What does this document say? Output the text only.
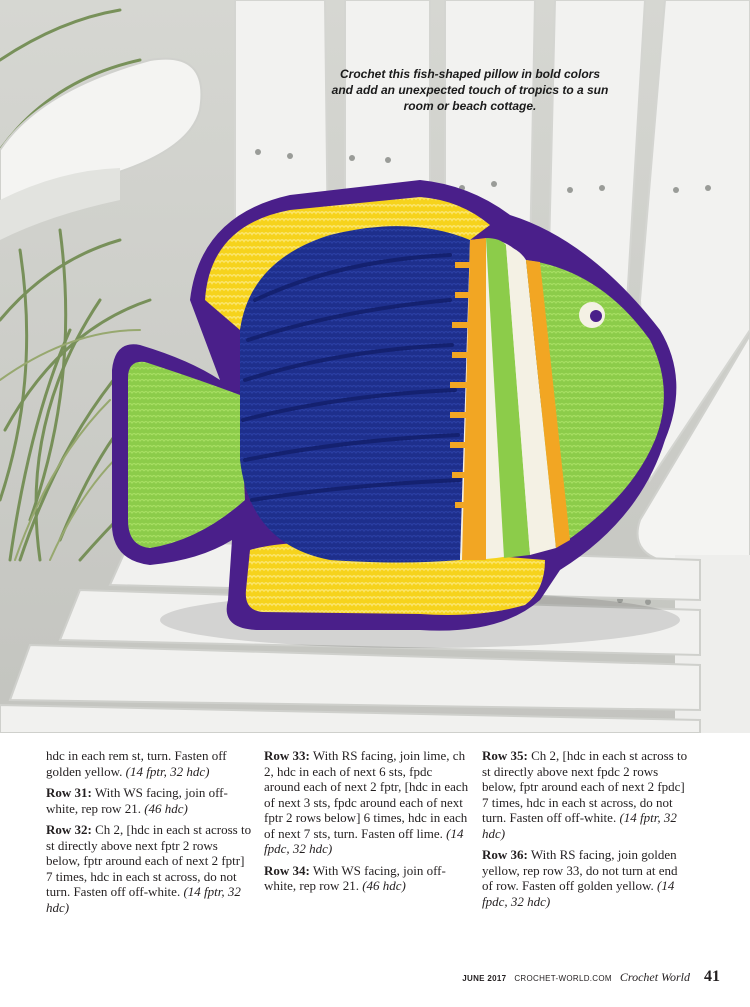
Crochet this fish-shaped pillow in bold colors and add an unexpected touch of tropics to a sun room or beach cottage.

hdc in each rem st, turn. Fasten off golden yellow. (14 fptr, 32 hdc)

Row 31: With WS facing, join off-white, rep row 21. (46 hdc)

Row 32: Ch 2, [hdc in each st across to st directly above next fptr 2 rows below, fptr around each of next 2 fptr] 7 times, hdc in each st across, do not turn. Fasten off off-white. (14 fptr, 32 hdc)

Row 33: With RS facing, join lime, ch 2, hdc in each of next 6 sts, fpdc around each of next 2 fptr, [hdc in each of next 3 sts, fpdc around each of next fptr 2 rows below] 6 times, hdc in each of next 7 sts, turn. Fasten off lime. (14 fpdc, 32 hdc)

Row 34: With WS facing, join off-white, rep row 21. (46 hdc)

Row 35: Ch 2, [hdc in each st across to st directly above next fpdc 2 rows below, fptr around each of next 2 fpdc] 7 times, hdc in each st across, do not turn. Fasten off off-white. (14 fptr, 32 hdc)

Row 36: With RS facing, join golden yellow, rep row 33, do not turn at end of row. Fasten off golden yellow. (14 fpdc, 32 hdc)

JUNE 2017 CROCHET-WORLD.COM Crochet World 41
